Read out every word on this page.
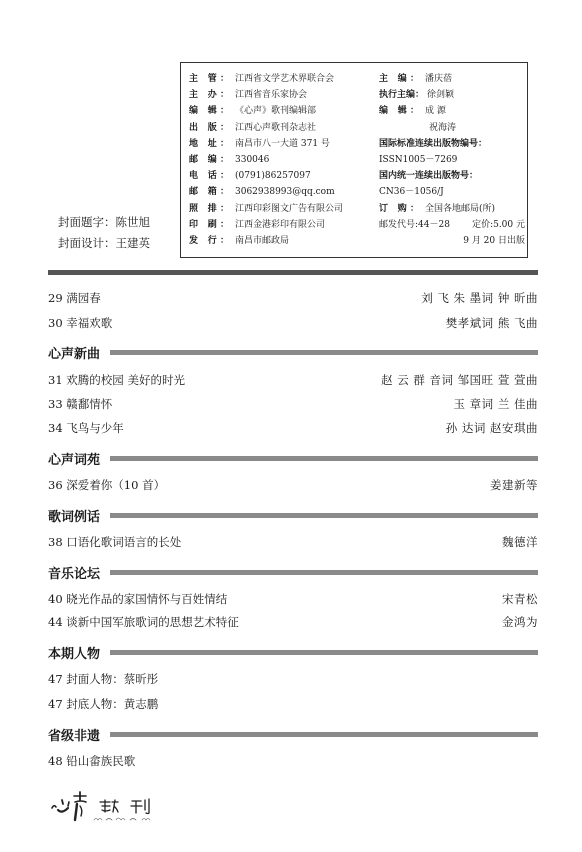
封面题字：陈世旭
封面设计：王建英
主 管： 江西省文学艺术界联合会
主 办： 江西省音乐家协会
编 辑： 《心声》歌刊编辑部
出 版： 江西心声歌刊杂志社
地 址： 南昌市八一大道 371 号
邮 编： 330046
电 话： (0791)86257097
邮 箱： 3062938993@qq.com
照 排： 江西印彩图文广告有限公司
印 刷： 江西金港彩印有限公司
发 行： 南昌市邮政局
主 编： 潘庆蓓
执行主编： 徐剑颖
编 辑： 成 源
祝海涛
国际标准连续出版物编号：
ISSN1005－7269
国内统一连续出版物号：
CN36－1056/J
订 购： 全国各地邮局(所)
邮发代号:44－28 定价:5.00 元
9 月 20 日出版
29 满园春	刘 飞 朱 墨词 钟 昕曲
30 幸福欢歌	樊孝斌词 熊 飞曲
心声新曲
31 欢腾的校园 美好的时光	赵 云 群 音词 邹国旺 萱 萱曲
33 赣鄱情怀	玉 章词 兰 佳曲
34 飞鸟与少年	孙 达词 赵安琪曲
心声词苑
36 深爱着你（10 首）	姜建新等
歌词例话
38 口语化歌词语言的长处	魏德洋
音乐论坛
40 晓光作品的家国情怀与百姓情结	宋青松
44 谈新中国军旅歌词的思想艺术特征	金鸿为
本期人物
47 封面人物：蔡昕彤
47 封底人物：黄志鹏
省级非遗
48 铅山畲族民歌
